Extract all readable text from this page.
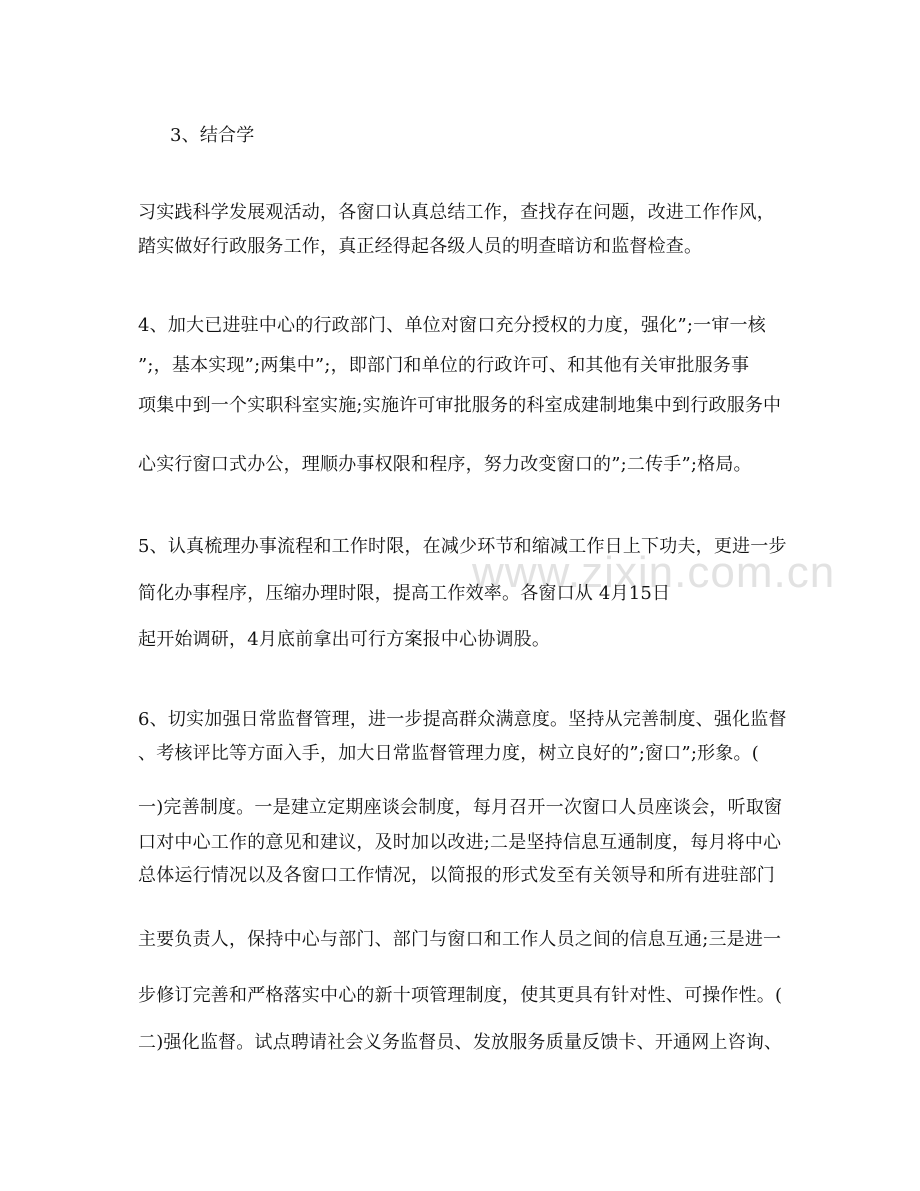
www.zixin.com.cn
3、结合学
习实践科学发展观活动，各窗口认真总结工作，查找存在问题，改进工作作风，
踏实做好行政服务工作，真正经得起各级人员的明查暗访和监督检查。
4、加大已进驻中心的行政部门、单位对窗口充分授权的力度，强化”;一审一核
”;，基本实现”;两集中”;，即部门和单位的行政许可、和其他有关审批服务事
项集中到一个实职科室实施;实施许可审批服务的科室成建制地集中到行政服务中
心实行窗口式办公，理顺办事权限和程序，努力改变窗口的”;二传手”;格局。
5、认真梳理办事流程和工作时限，在减少环节和缩减工作日上下功夫，更进一步
简化办事程序，压缩办理时限，提高工作效率。各窗口从 4月15日
起开始调研，4月底前拿出可行方案报中心协调股。
6、切实加强日常监督管理，进一步提高群众满意度。坚持从完善制度、强化监督
、考核评比等方面入手，加大日常监督管理力度，树立良好的”;窗口”;形象。(
一)完善制度。一是建立定期座谈会制度，每月召开一次窗口人员座谈会，听取窗
口对中心工作的意见和建议，及时加以改进;二是坚持信息互通制度，每月将中心
总体运行情况以及各窗口工作情况，以简报的形式发至有关领导和所有进驻部门
主要负责人，保持中心与部门、部门与窗口和工作人员之间的信息互通;三是进一
步修订完善和严格落实中心的新十项管理制度，使其更具有针对性、可操作性。(
二)强化监督。试点聘请社会义务监督员、发放服务质量反馈卡、开通网上咨询、
